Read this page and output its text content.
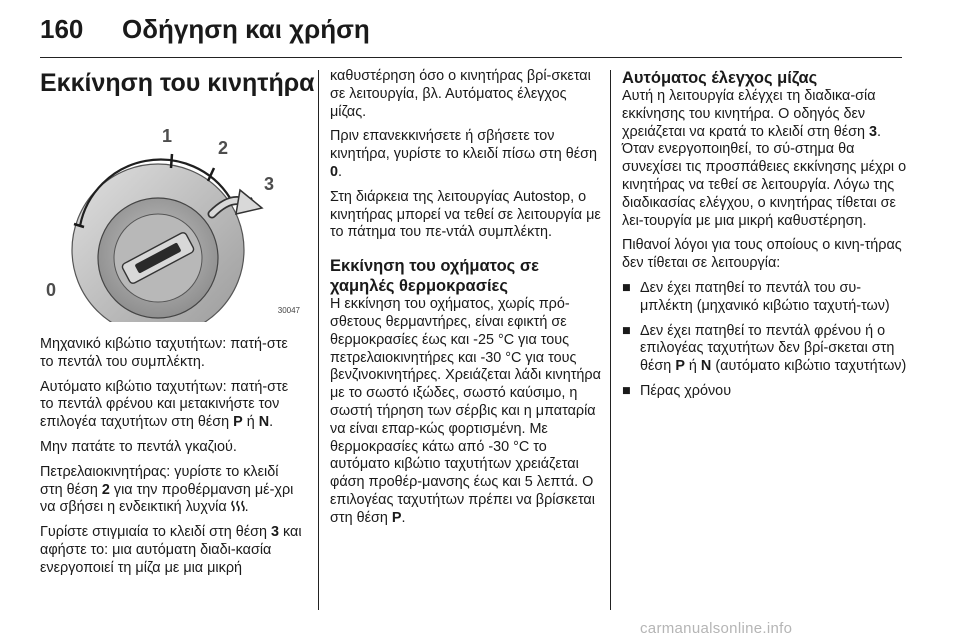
160 Οδήγηση και χρήση
Εκκίνηση του κινητήρα
1
2
3
0
30047

Μηχανικό κιβώτιο ταχυτήτων: πατή-στε το πεντάλ του συμπλέκτη.

Αυτόματο κιβώτιο ταχυτήτων: πατή-στε το πεντάλ φρένου και μετακινήστε τον επιλογέα ταχυτήτων στη θέση P ή N.

Μην πατάτε το πεντάλ γκαζιού.

Πετρελαιοκινητήρας: γυρίστε το κλειδί στη θέση 2 για την προθέρμανση μέ-χρι να σβήσει η ενδεικτική λυχνία .

Γυρίστε στιγμιαία το κλειδί στη θέση 3 και αφήστε το: μια αυτόματη διαδι-κασία ενεργοποιεί τη μίζα με μια μικρή

καθυστέρηση όσο ο κινητήρας βρί-σκεται σε λειτουργία, βλ. Αυτόματος έλεγχος μίζας.

Πριν επανεκκινήσετε ή σβήσετε τον κινητήρα, γυρίστε το κλειδί πίσω στη θέση 0.

Στη διάρκεια της λειτουργίας Autostop, ο κινητήρας μπορεί να τεθεί σε λειτουργία με το πάτημα του πε-ντάλ συμπλέκτη.

Εκκίνηση του οχήματος σε χαμηλές θερμοκρασίες

Η εκκίνηση του οχήματος, χωρίς πρό-σθετους θερμαντήρες, είναι εφικτή σε θερμοκρασίες έως και -25 °C για τους πετρελαιοκινητήρες και -30 °C για τους βενζινοκινητήρες. Χρειάζεται λάδι κινητήρα με το σωστό ιξώδες, σωστό καύσιμο, η σωστή τήρηση των σέρβις και η μπαταρία να είναι επαρ-κώς φορτισμένη. Με θερμοκρασίες κάτω από -30 °C το αυτόματο κιβώτιο ταχυτήτων χρειάζεται φάση προθέρ-μανσης έως και 5 λεπτά. Ο επιλογέας ταχυτήτων πρέπει να βρίσκεται στη θέση P.

Αυτόματος έλεγχος μίζας

Αυτή η λειτουργία ελέγχει τη διαδικα-σία εκκίνησης του κινητήρα. Ο οδηγός δεν χρειάζεται να κρατά το κλειδί στη θέση 3. Όταν ενεργοποιηθεί, το σύ-στημα θα συνεχίσει τις προσπάθειες εκκίνησης μέχρι ο κινητήρας να τεθεί σε λειτουργία. Λόγω της διαδικασίας ελέγχου, ο κινητήρας τίθεται σε λει-τουργία με μια μικρή καθυστέρηση.

Πιθανοί λόγοι για τους οποίους ο κινη-τήρας δεν τίθεται σε λειτουργία:

■ Δεν έχει πατηθεί το πεντάλ του συ-μπλέκτη (μηχανικό κιβώτιο ταχυτή-των)
■ Δεν έχει πατηθεί το πεντάλ φρένου ή ο επιλογέας ταχυτήτων δεν βρί-σκεται στη θέση P ή N (αυτόματο κιβώτιο ταχυτήτων)
■ Πέρας χρόνου
carmanualsonline.info
